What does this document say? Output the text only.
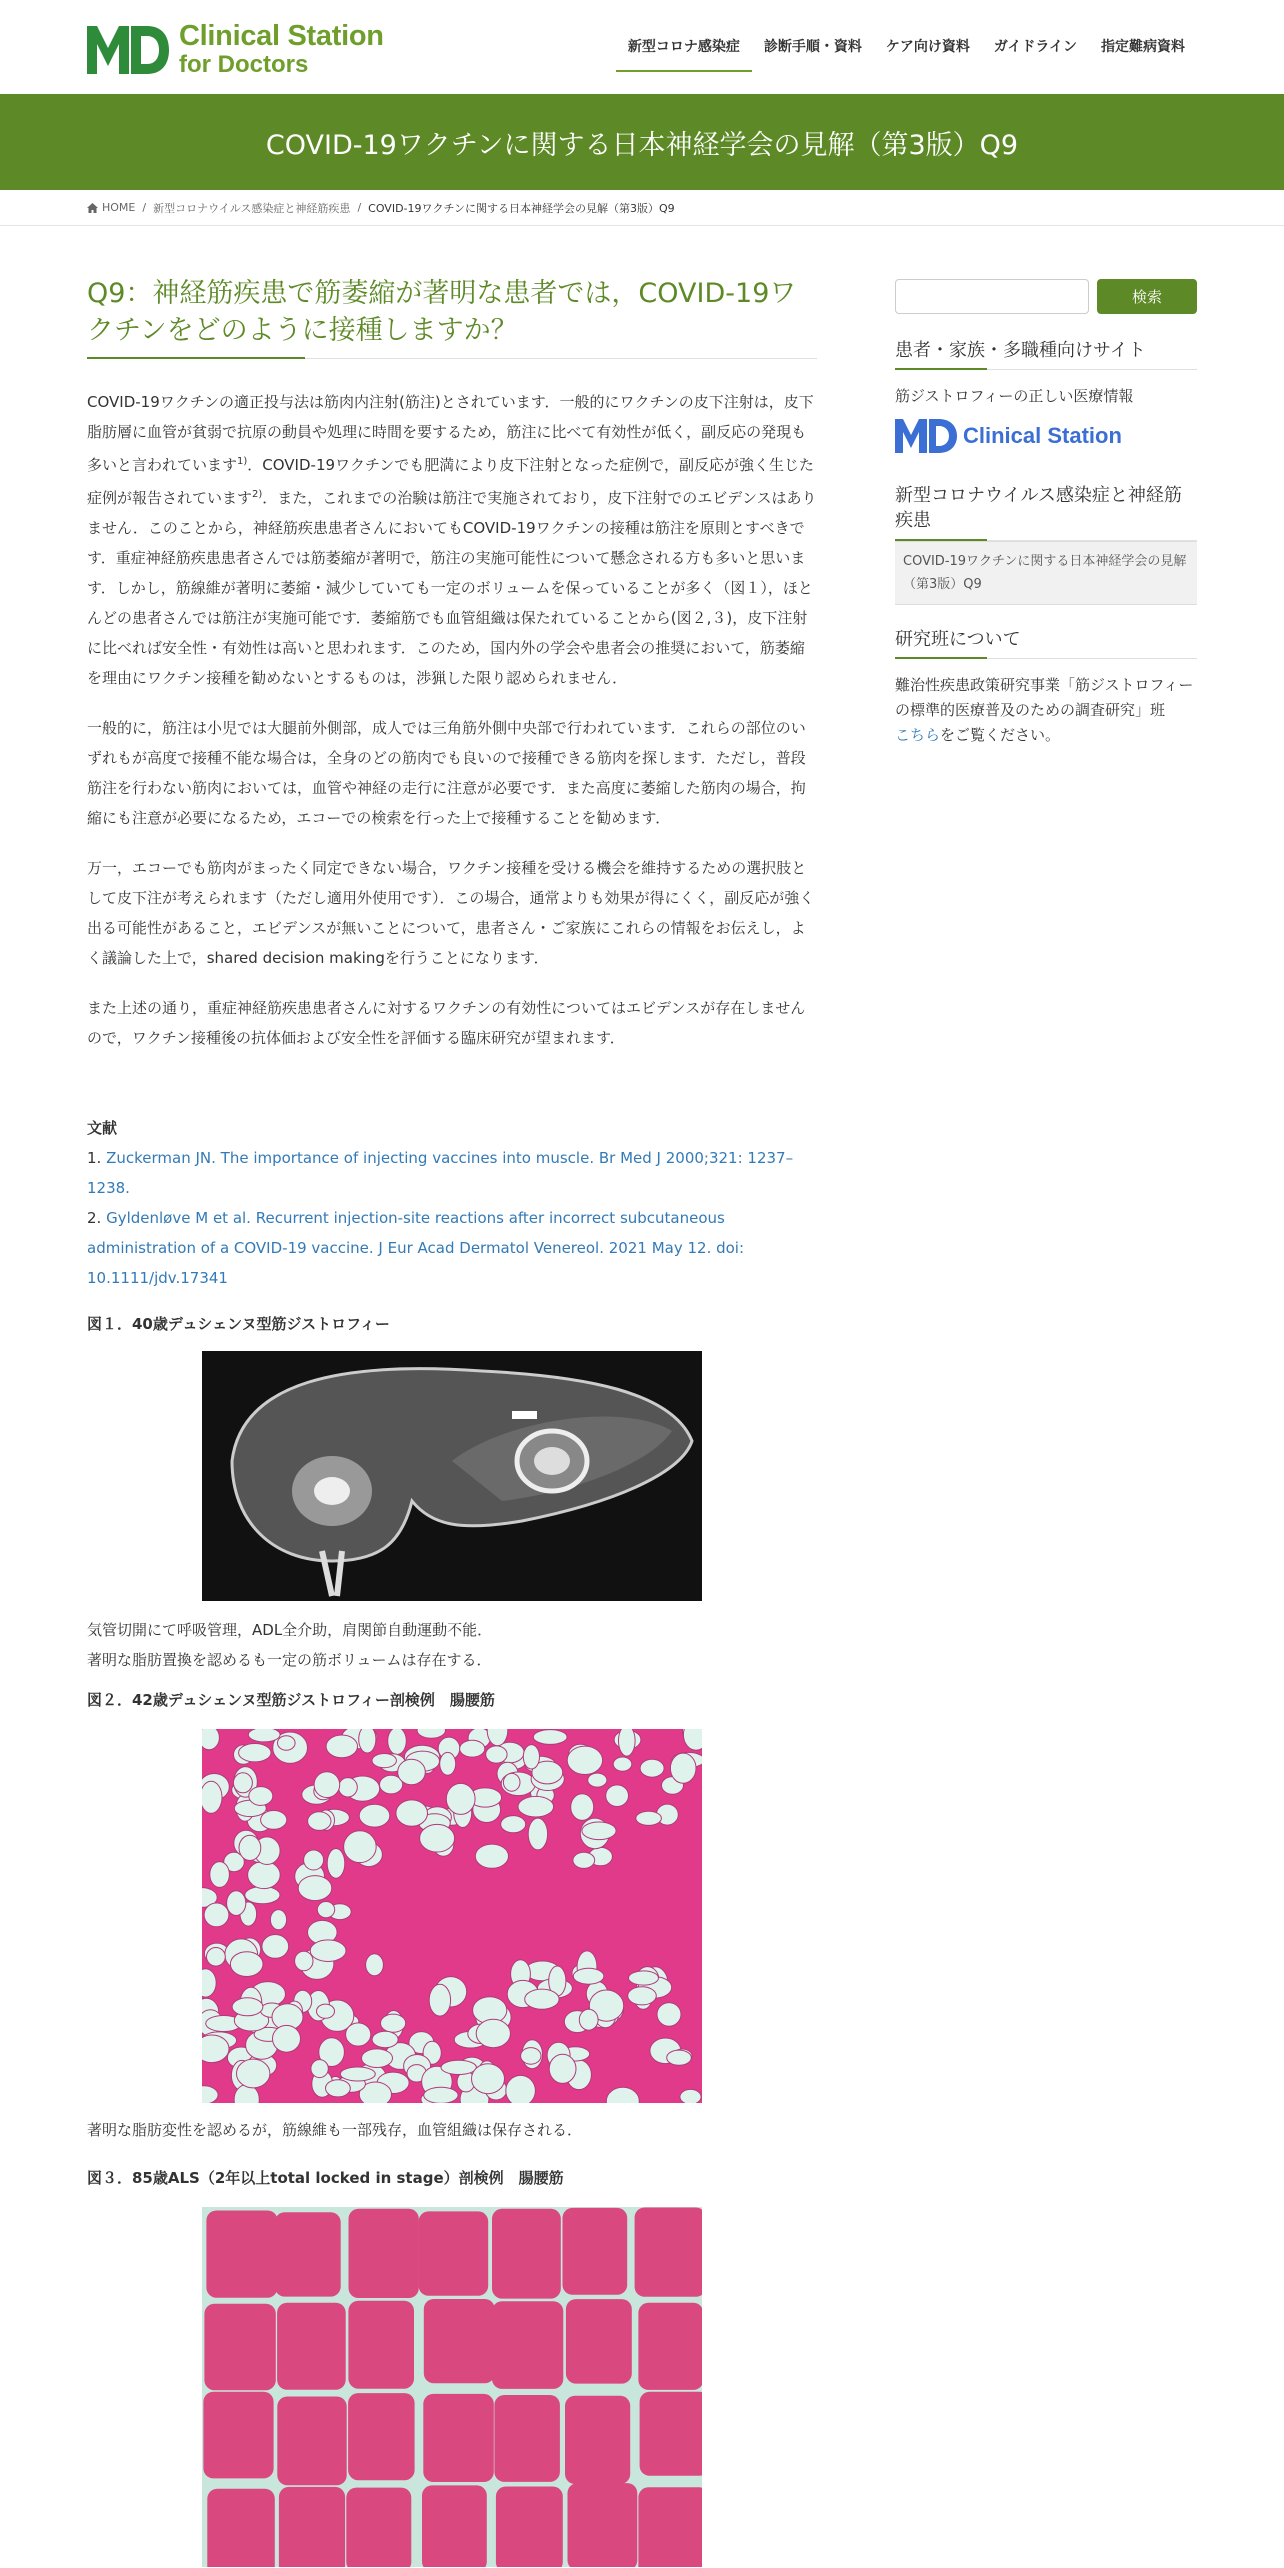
Clinical Station
for Doctors
新型コロナ感染症	診断手順・資料	ケア向け資料	ガイドライン	指定難病資料
COVID-19ワクチンに関する日本神経学会の見解（第3版）Q9
HOME / 新型コロナウイルス感染症と神経筋疾患 / COVID-19ワクチンに関する日本神経学会の見解（第3版）Q9
Q9：神経筋疾患で筋萎縮が著明な患者では，COVID-19ワクチンをどのように接種しますか？

COVID-19ワクチンの適正投与法は筋肉内注射(筋注)とされています．一般的にワクチンの皮下注射は，皮下脂肪層に血管が貧弱で抗原の動員や処理に時間を要するため，筋注に比べて有効性が低く，副反応の発現も多いと言われています$^{1)}$．COVID-19ワクチンでも肥満により皮下注射となった症例で，副反応が強く生じた症例が報告されています$^{2)}$．また，これまでの治験は筋注で実施されており，皮下注射でのエビデンスはありません．このことから，神経筋疾患患者さんにおいてもCOVID-19ワクチンの接種は筋注を原則とすべきです．重症神経筋疾患患者さんでは筋萎縮が著明で，筋注の実施可能性について懸念される方も多いと思います．しかし，筋線維が著明に萎縮・減少していても一定のボリュームを保っていることが多く（図１），ほとんどの患者さんでは筋注が実施可能です．萎縮筋でも血管組織は保たれていることから(図２,３)，皮下注射に比べれば安全性・有効性は高いと思われます．このため，国内外の学会や患者会の推奨において，筋萎縮を理由にワクチン接種を勧めないとするものは，渉猟した限り認められません．

一般的に，筋注は小児では大腿前外側部，成人では三角筋外側中央部で行われています．これらの部位のいずれもが高度で接種不能な場合は，全身のどの筋肉でも良いので接種できる筋肉を探します．ただし，普段筋注を行わない筋肉においては，血管や神経の走行に注意が必要です．また高度に萎縮した筋肉の場合，拘縮にも注意が必要になるため，エコーでの検索を行った上で接種することを勧めます．

万一，エコーでも筋肉がまったく同定できない場合，ワクチン接種を受ける機会を維持するための選択肢として皮下注が考えられます（ただし適用外使用です）．この場合，通常よりも効果が得にくく，副反応が強く出る可能性があること，エビデンスが無いことについて，患者さん・ご家族にこれらの情報をお伝えし，よく議論した上で，shared decision makingを行うことになります．

また上述の通り，重症神経筋疾患患者さんに対するワクチンの有効性についてはエビデンスが存在しませんので，ワクチン接種後の抗体価および安全性を評価する臨床研究が望まれます．

文献
1. Zuckerman JN. The importance of injecting vaccines into muscle. Br Med J 2000;321: 1237–1238.
2. Gyldenløve M et al. Recurrent injection-site reactions after incorrect subcutaneous administration of a COVID-19 vaccine. J Eur Acad Dermatol Venereol. 2021 May 12. doi: 10.1111/jdv.17341
図１．40歳デュシェンヌ型筋ジストロフィー
気管切開にて呼吸管理，ADL全介助，肩関節自動運動不能．
著明な脂肪置換を認めるも一定の筋ボリュームは存在する．
図２．42歳デュシェンヌ型筋ジストロフィー剖検例　腸腰筋
著明な脂肪変性を認めるが，筋線維も一部残存，血管組織は保存される．
図３．85歳ALS（2年以上total locked in stage）剖検例　腸腰筋
検索
患者・家族・多職種向けサイト
筋ジストロフィーの正しい医療情報
Clinical Station
新型コロナウイルス感染症と神経筋疾患
COVID-19ワクチンに関する日本神経学会の見解（第3版）Q9
研究班について
難治性疾患政策研究事業「筋ジストロフィーの標準的医療普及のための調査研究」班
こちらをご覧ください。
